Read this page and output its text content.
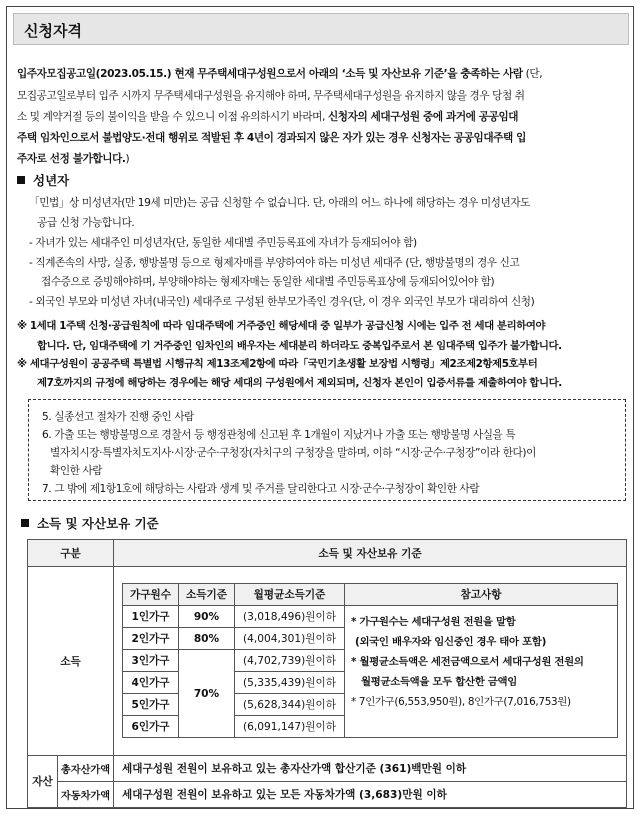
신청자격
입주자모집공고일(2023.05.15.) 현재 무주택세대구성원으로서 아래의 ‘소득 및 자산보유 기준’을 충족하는 사람 (단,
모집공고일로부터 입주 시까지 무주택세대구성원을 유지해야 하며, 무주택세대구성원을 유지하지 않을 경우 당첨 취
소 및 계약거절 등의 불이익을 받을 수 있으니 이점 유의하시기 바라며, 신청자의 세대구성원 중에 과거에 공공임대
주택 임차인으로서 불법양도·전대 행위로 적발된 후 4년이 경과되지 않은 자가 있는 경우 신청자는 공공임대주택 입
주자로 선정 불가합니다.)
성년자
「민법」상 미성년자(만 19세 미만)는 공급 신청할 수 없습니다. 단, 아래의 어느 하나에 해당하는 경우 미성년자도
공급 신청 가능합니다.
- 자녀가 있는 세대주인 미성년자(단, 동일한 세대별 주민등록표에 자녀가 등재되어야 함)
- 직계존속의 사망, 실종, 행방불명 등으로 형제자매를 부양하여야 하는 미성년 세대주 (단, 행방불명의 경우 신고
접수증으로 증빙해야하며, 부양해야하는 형제자매는 동일한 세대별 주민등록표상에 등재되어있어야 함)
- 외국인 부모와 미성년 자녀(내국인) 세대주로 구성된 한부모가족인 경우(단, 이 경우 외국인 부모가 대리하여 신청)
※ 1세대 1주택 신청·공급원칙에 따라 임대주택에 거주중인 해당세대 중 일부가 공급신청 시에는 입주 전 세대 분리하여야
합니다. 단, 임대주택에 기 거주중인 임차인의 배우자는 세대분리 하더라도 중복입주로서 본 임대주택 입주가 불가합니다.
※ 세대구성원이 공공주택 특별법 시행규칙 제13조제2항에 따라「국민기초생활 보장법 시행령」제2조제2항제5호부터
제7호까지의 규정에 해당하는 경우에는 해당 세대의 구성원에서 제외되며, 신청자 본인이 입증서류를 제출하여야 합니다.
5. 실종선고 절차가 진행 중인 사람
6. 가출 또는 행방불명으로 경찰서 등 행정관청에 신고된 후 1개월이 지났거나 가출 또는 행방불명 사실을 특
별자치시장·특별자치도지사·시장·군수·구청장(자치구의 구청장을 말하며, 이하 “시장·군수·구청장”이라 한다)이
확인한 사람
7. 그 밖에 제1항1호에 해당하는 사람과 생계 및 주거를 달리한다고 시장·군수·구청장이 확인한 사람
소득 및 자산보유 기준
구분	소득 및 자산보유 기준
소득	
가구원수	소득기준	월평균소득기준	참고사항
1인가구	90%	(3,018,496)원이하	* 가구원수는 세대구성원 전원을 말함
(외국인 배우자와 임신중인 경우 태아 포함)
* 월평균소득액은 세전금액으로서 세대구성원 전원의
월평균소득액을 모두 합산한 금액임
* 7인가구(6,553,950원), 8인가구(7,016,753원)

2인가구	80%	(4,004,301)원이하
3인가구	70%	(4,702,739)원이하
4인가구	(5,335,439)원이하
5인가구	(5,628,344)원이하
6인가구	(6,091,147)원이하

자산	총자산가액	세대구성원 전원이 보유하고 있는 총자산가액 합산기준 (361)백만원 이하
자동차가액	세대구성원 전원이 보유하고 있는 모든 자동차가액 (3,683)만원 이하
